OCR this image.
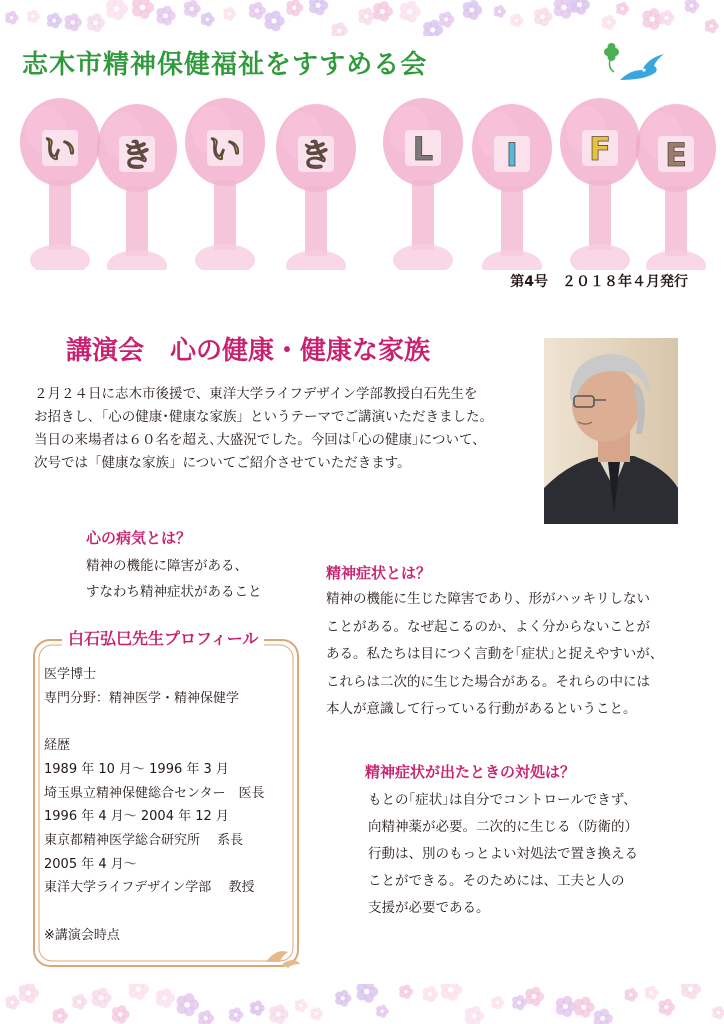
志木市精神保健福祉をすすめる会
い き い き	L I F E
第4号　２０１８年４月発行
講演会　心の健康・健康な家族

２月２４日に志木市後援で、東洋大学ライフデザイン学部教授白石先生を

お招きし､「心の健康･健康な家族」というテーマでご講演いただきました。

当日の来場者は６０名を超え､大盛況でした。今回は｢心の健康｣について、

次号では「健康な家族」についてご紹介させていただきます。

心の病気とは？

精神の機能に障害がある、

すなわち精神症状があること

精神症状とは？

精神の機能に生じた障害であり、形がハッキリしない

ことがある。なぜ起こるのか、よく分からないことが

ある。私たちは目につく言動を｢症状｣と捉えやすいが、

これらは二次的に生じた場合がある。それらの中には

本人が意識して行っている行動があるということ。

精神症状が出たときの対処は？

もとの｢症状｣は自分でコントロールできず、

向精神薬が必要。二次的に生じる（防衛的）

行動は、別のもっとよい対処法で置き換える

ことができる。そのためには、工夫と人の

支援が必要である。

白石弘巳先生プロフィール

医学博士

専門分野：精神医学・精神保健学

経歴

1989 年 10 月～ 1996 年 3 月

埼玉県立精神保健総合センター　医長

1996 年 4 月～ 2004 年 12 月

東京都精神医学総合研究所　 系長

2005 年 4 月～

東洋大学ライフデザイン学部　 教授

※講演会時点
